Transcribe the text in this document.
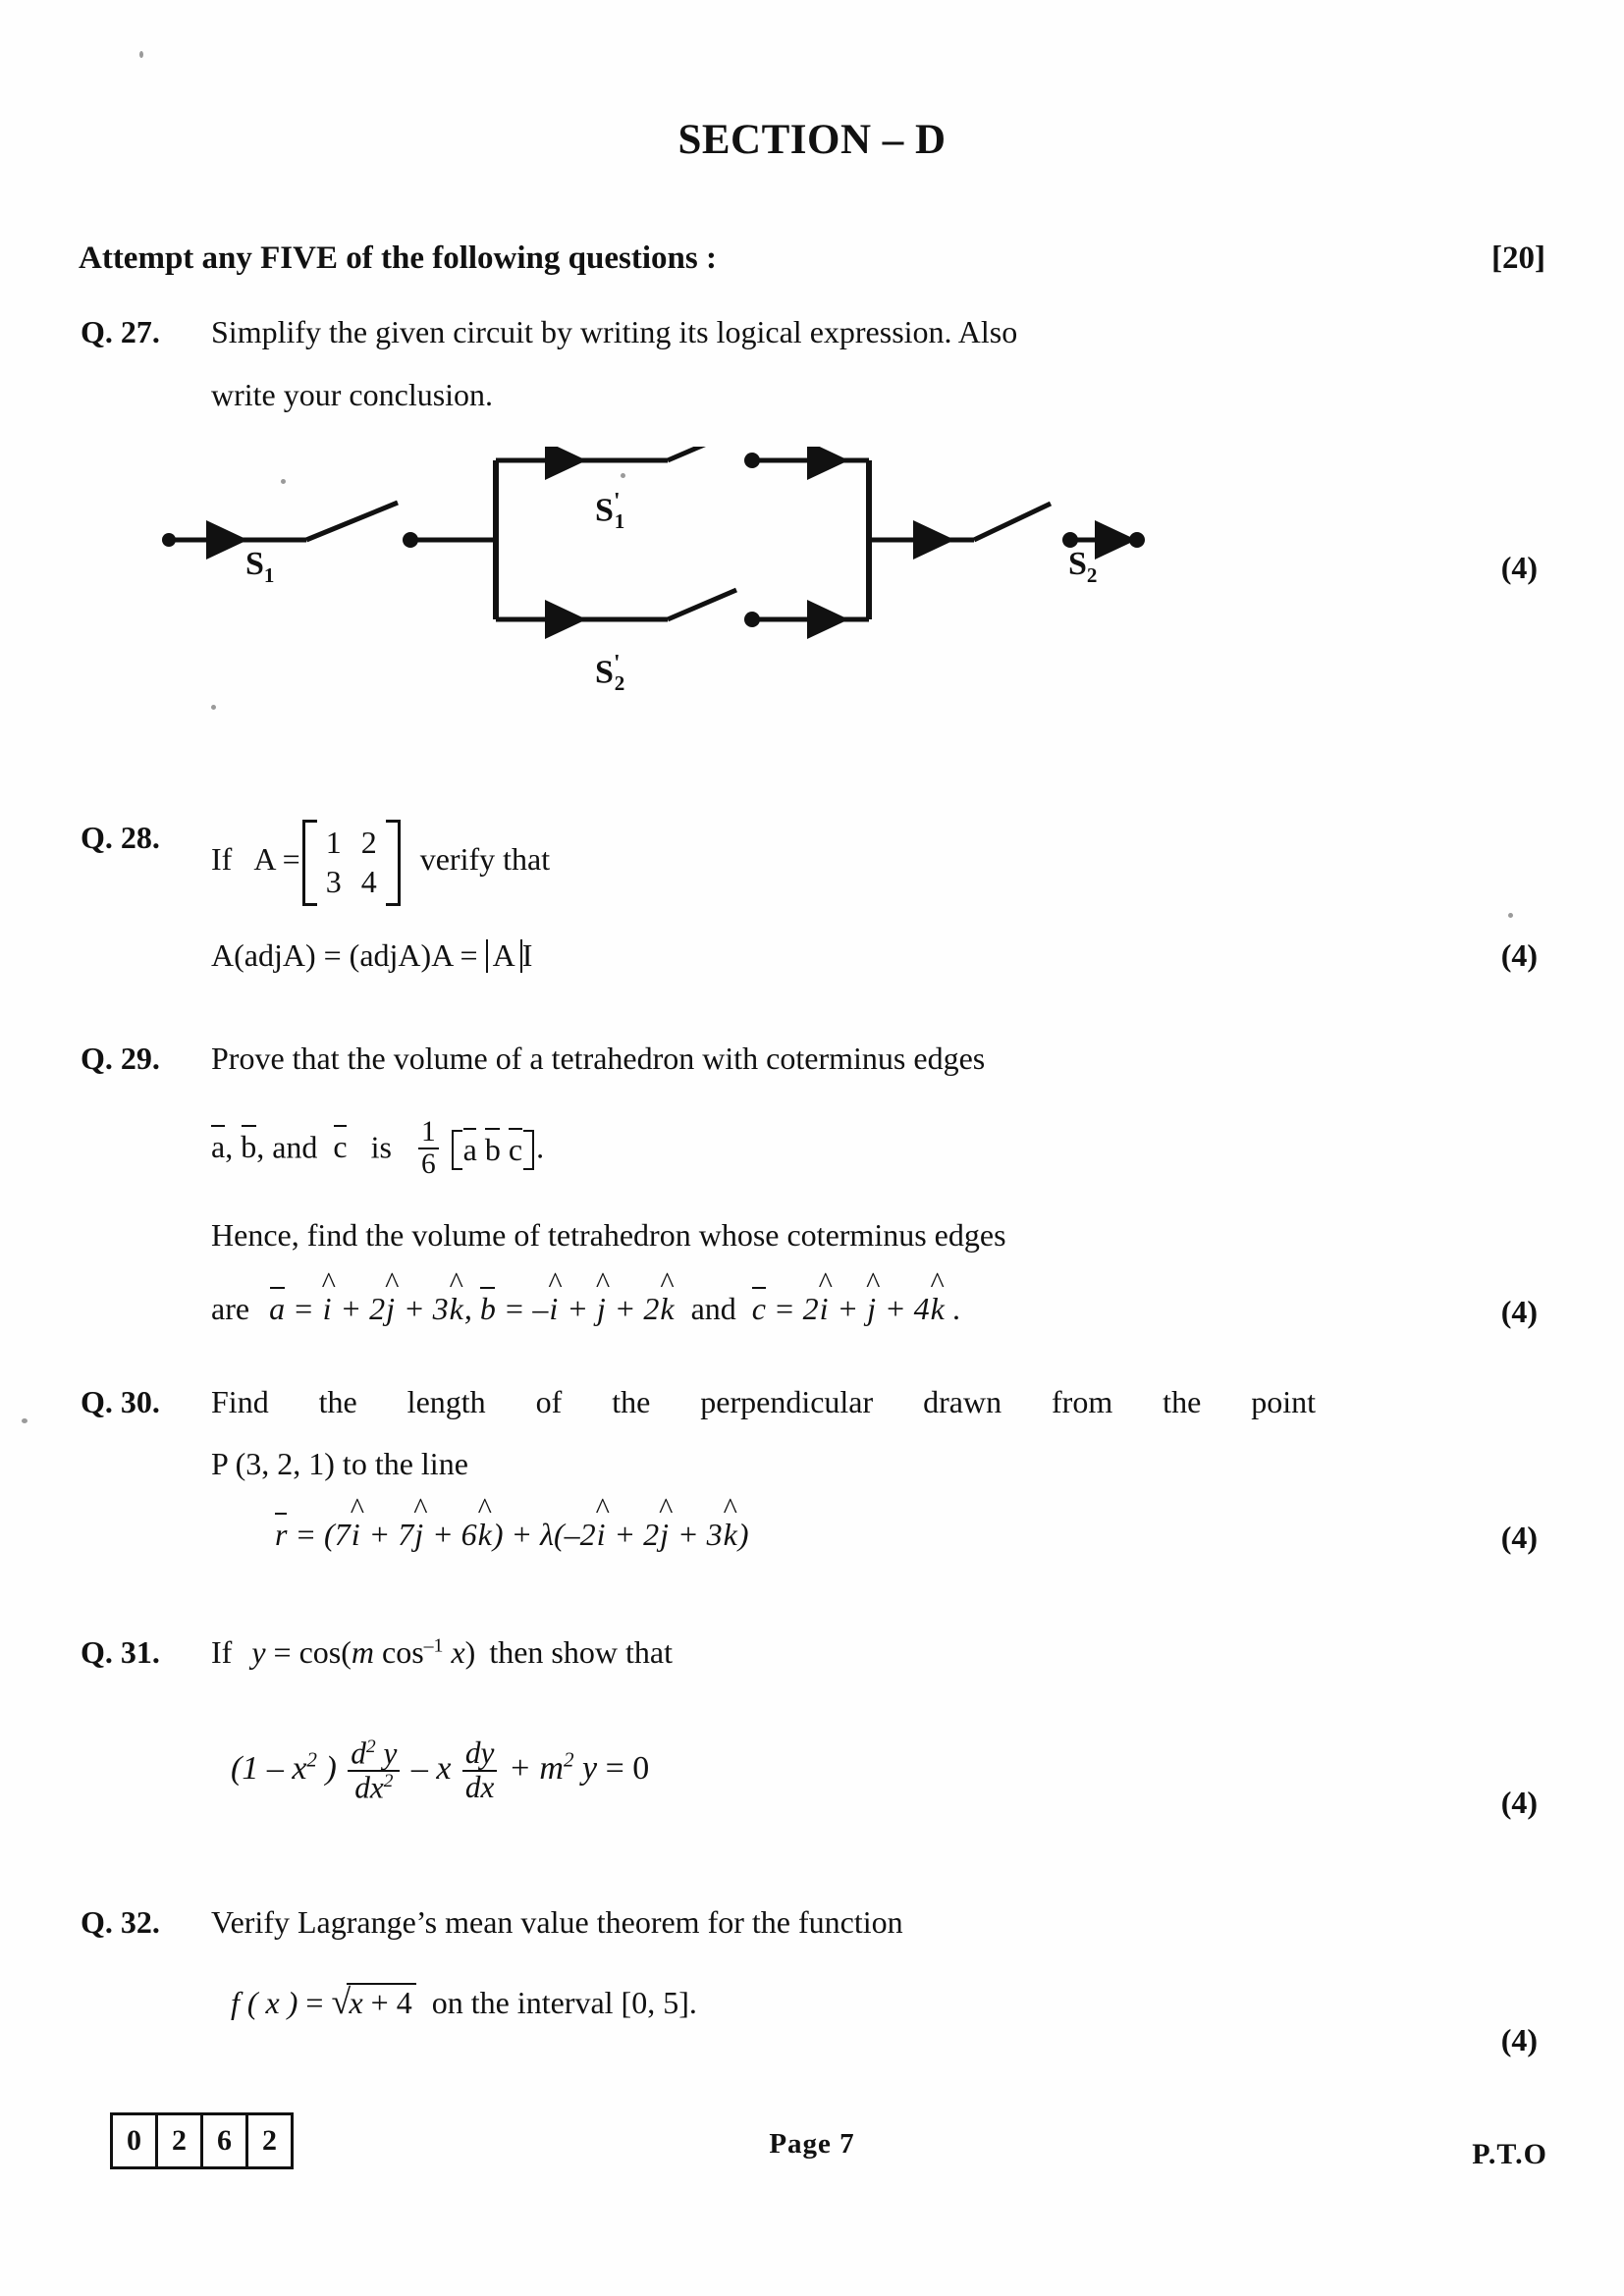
SECTION – D
Attempt any FIVE of the following questions :	[20]
Q. 27. Simplify the given circuit by writing its logical expression. Also
write your conclusion.
$S_1$
$S'_1$
$S'_2$
$S_2$	(4)
Q. 28.
If A = 1	2
3	4
verify that
A(adjA) = (adjA)A = A I	(4)
Q. 29. Prove that the volume of a tetrahedron with coterminus edges
a, b, and  c   is $\frac{1}{6}$ a b c .
Hence, find the volume of tetrahedron whose coterminus edges
are a = i ^ + 2j ^ + 3k ^, b = –i ^ + j ^ + 2k ^ and c = 2i ^ + j ^ + 4k ^ .	(4)
Q. 30. Find the length of the perpendicular drawn from the point
P (3, 2, 1) to the line
r = (7i ^ + 7j ^ + 6k ^) + λ(–2i ^ + 2j ^ + 3k ^)	(4)
Q. 31. If y = cos(m $\cos^{-1} x$) then show that
($1 - x^2$ ) $\frac{d^2 y}{dx^2} - x \frac{dy}{dx} + m^2$ y = 0
(4)
Q. 32. Verify Lagrange’s mean value theorem for the function
f ( x ) = √ x + 4 on the interval [0, 5].
(4)
0	2	6	2	Page 7	P.T.O
